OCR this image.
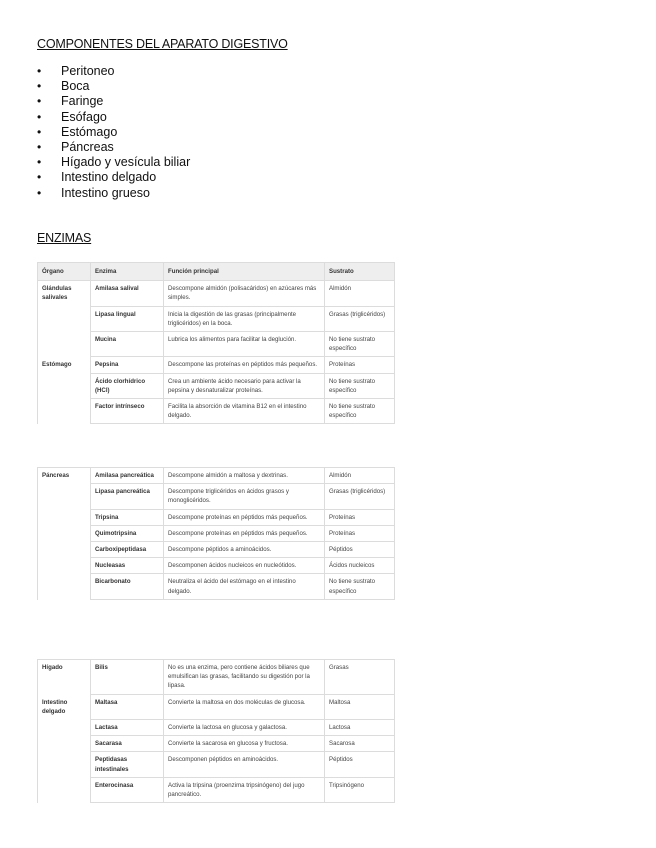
COMPONENTES DEL APARATO DIGESTIVO
• Peritoneo
• Boca
• Faringe
• Esófago
• Estómago
• Páncreas
• Hígado y vesícula biliar
• Intestino delgado
• Intestino grueso
ENZIMAS
Órgano	Enzima	Función principal	Sustrato
Glándulas salivales	Amilasa salival	Descompone almidón (polisacáridos) en azúcares más simples.	Almidón
	Lipasa lingual	Inicia la digestión de las grasas (principalmente triglicéridos) en la boca.	Grasas (triglicéridos)
	Mucina	Lubrica los alimentos para facilitar la deglución.	No tiene sustrato específico
Estómago	Pepsina	Descompone las proteínas en péptidos más pequeños.	Proteínas
	Ácido clorhídrico (HCl)	Crea un ambiente ácido necesario para activar la pepsina y desnaturalizar proteínas.	No tiene sustrato específico
	Factor intrínseco	Facilita la absorción de vitamina B12 en el intestino delgado.	No tiene sustrato específico
Páncreas	Amilasa pancreática	Descompone almidón a maltosa y dextrinas.	Almidón
	Lipasa pancreática	Descompone triglicéridos en ácidos grasos y monoglicéridos.	Grasas (triglicéridos)
	Tripsina	Descompone proteínas en péptidos más pequeños.	Proteínas
	Quimotripsina	Descompone proteínas en péptidos más pequeños.	Proteínas
	Carboxipeptidasa	Descompone péptidos a aminoácidos.	Péptidos
	Nucleasas	Descomponen ácidos nucleicos en nucleótidos.	Ácidos nucleicos
	Bicarbonato	Neutraliza el ácido del estómago en el intestino delgado.	No tiene sustrato específico
Hígado	Bilis	No es una enzima, pero contiene ácidos biliares que emulsifican las grasas, facilitando su digestión por la lipasa.	Grasas
Intestino delgado	Maltasa	Convierte la maltosa en dos moléculas de glucosa.	Maltosa
	Lactasa	Convierte la lactosa en glucosa y galactosa.	Lactosa
	Sacarasa	Convierte la sacarosa en glucosa y fructosa.	Sacarosa
	Peptidasas intestinales	Descomponen péptidos en aminoácidos.	Péptidos
	Enterocinasa	Activa la tripsina (proenzima tripsinógeno) del jugo pancreático.	Tripsinógeno
